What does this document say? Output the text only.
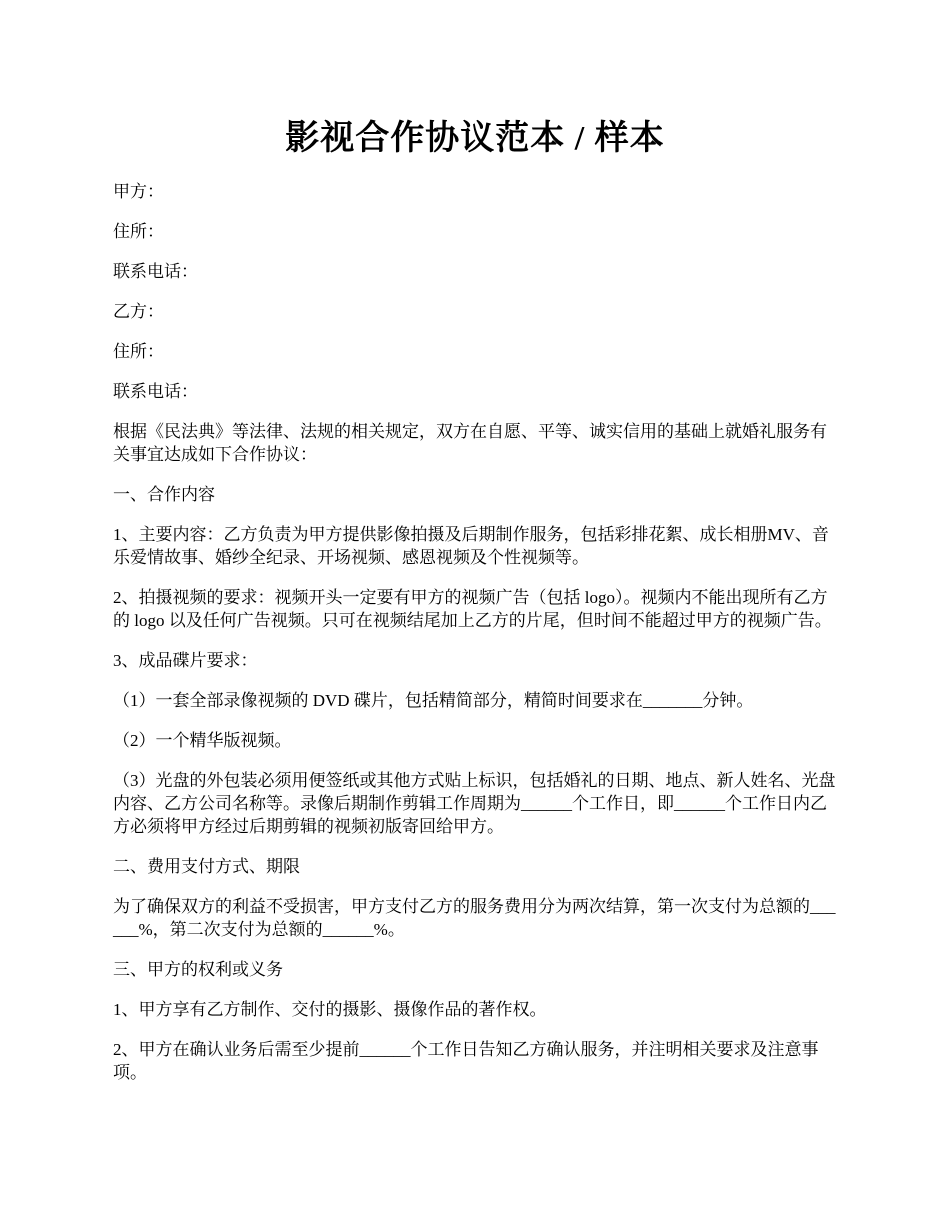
影视合作协议范本 / 样本

甲方：

住所：

联系电话：

乙方：

住所：

联系电话：

根据《民法典》等法律、法规的相关规定，双方在自愿、平等、诚实信用的基础上就婚礼服务有关事宜达成如下合作协议：

一、合作内容

1、主要内容：乙方负责为甲方提供影像拍摄及后期制作服务，包括彩排花絮、成长相册MV、音乐爱情故事、婚纱全纪录、开场视频、感恩视频及个性视频等。

2、拍摄视频的要求：视频开头一定要有甲方的视频广告（包括 logo）。视频内不能出现所有乙方的 logo 以及任何广告视频。只可在视频结尾加上乙方的片尾，但时间不能超过甲方的视频广告。

3、成品碟片要求：

（1）一套全部录像视频的 DVD 碟片，包括精简部分，精简时间要求在_______分钟。

（2）一个精华版视频。

（3）光盘的外包装必须用便签纸或其他方式贴上标识，包括婚礼的日期、地点、新人姓名、光盘内容、乙方公司名称等。录像后期制作剪辑工作周期为______个工作日，即______个工作日内乙方必须将甲方经过后期剪辑的视频初版寄回给甲方。

二、费用支付方式、期限

为了确保双方的利益不受损害，甲方支付乙方的服务费用分为两次结算，第一次支付为总额的______%，第二次支付为总额的______%。

三、甲方的权利或义务

1、甲方享有乙方制作、交付的摄影、摄像作品的著作权。

2、甲方在确认业务后需至少提前______个工作日告知乙方确认服务，并注明相关要求及注意事项。
